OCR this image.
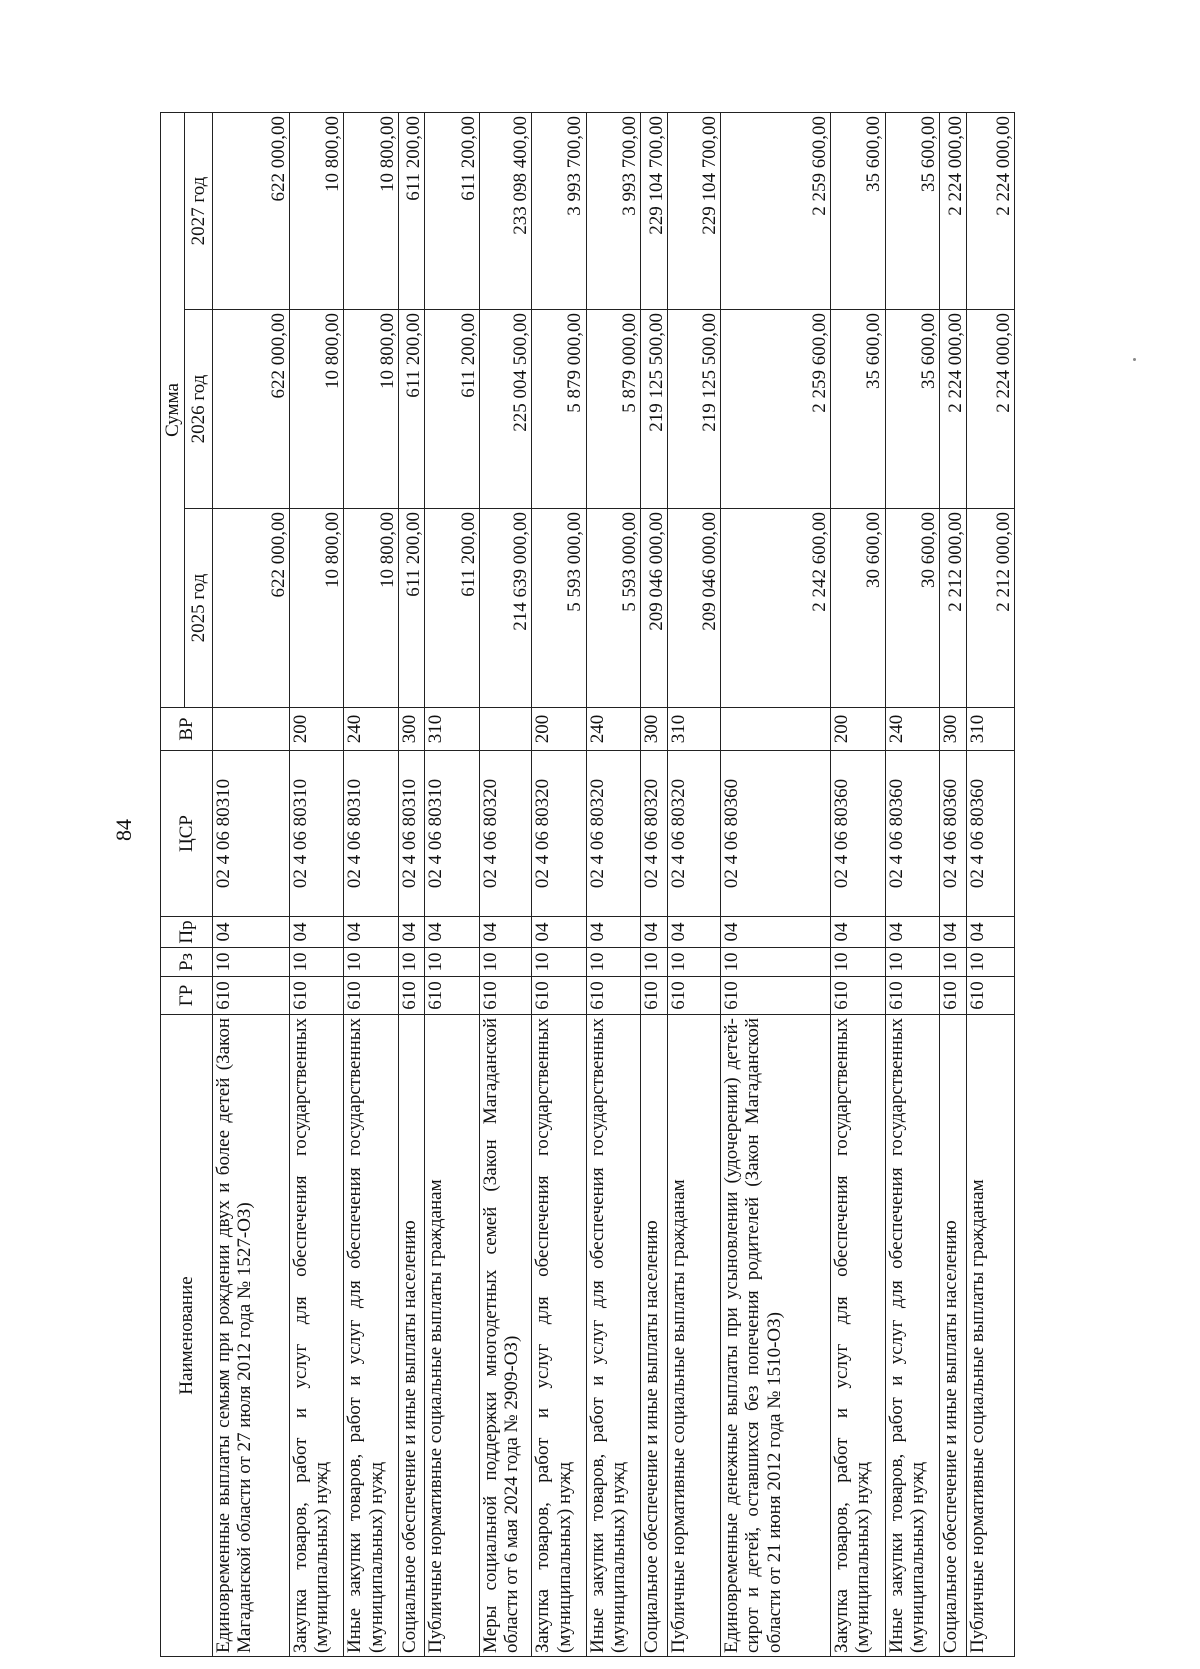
84
Наименование	ГР	Рз	Пр	ЦСР	ВР	Сумма		
						2025 год	2026 год	2027 год
Единовременные выплаты семьям при рождении двух и более детей (Закон Магаданской области от 27 июля 2012 года № 1527-ОЗ)	610	10	04	02 4 06 80310		622 000,00	622 000,00	622 000,00
Закупка товаров, работ и услуг для обеспечения государственных (муниципальных) нужд	610	10	04	02 4 06 80310	200	10 800,00	10 800,00	10 800,00
Иные закупки товаров, работ и услуг для обеспечения государственных (муниципальных) нужд	610	10	04	02 4 06 80310	240	10 800,00	10 800,00	10 800,00
Социальное обеспечение и иные выплаты населению	610	10	04	02 4 06 80310	300	611 200,00	611 200,00	611 200,00
Публичные нормативные социальные выплаты гражданам	610	10	04	02 4 06 80310	310	611 200,00	611 200,00	611 200,00
Меры социальной поддержки многодетных семей (Закон Магаданской области от 6 мая 2024 года № 2909-ОЗ)	610	10	04	02 4 06 80320		214 639 000,00	225 004 500,00	233 098 400,00
Закупка товаров, работ и услуг для обеспечения государственных (муниципальных) нужд	610	10	04	02 4 06 80320	200	5 593 000,00	5 879 000,00	3 993 700,00
Иные закупки товаров, работ и услуг для обеспечения государственных (муниципальных) нужд	610	10	04	02 4 06 80320	240	5 593 000,00	5 879 000,00	3 993 700,00
Социальное обеспечение и иные выплаты населению	610	10	04	02 4 06 80320	300	209 046 000,00	219 125 500,00	229 104 700,00
Публичные нормативные социальные выплаты гражданам	610	10	04	02 4 06 80320	310	209 046 000,00	219 125 500,00	229 104 700,00
Единовременные денежные выплаты при усыновлении (удочерении) детей-сирот и детей, оставшихся без попечения родителей (Закон Магаданской области от 21 июня 2012 года № 1510-ОЗ)	610	10	04	02 4 06 80360		2 242 600,00	2 259 600,00	2 259 600,00
Закупка товаров, работ и услуг для обеспечения государственных (муниципальных) нужд	610	10	04	02 4 06 80360	200	30 600,00	35 600,00	35 600,00
Иные закупки товаров, работ и услуг для обеспечения государственных (муниципальных) нужд	610	10	04	02 4 06 80360	240	30 600,00	35 600,00	35 600,00
Социальное обеспечение и иные выплаты населению	610	10	04	02 4 06 80360	300	2 212 000,00	2 224 000,00	2 224 000,00
Публичные нормативные социальные выплаты гражданам	610	10	04	02 4 06 80360	310	2 212 000,00	2 224 000,00	2 224 000,00
